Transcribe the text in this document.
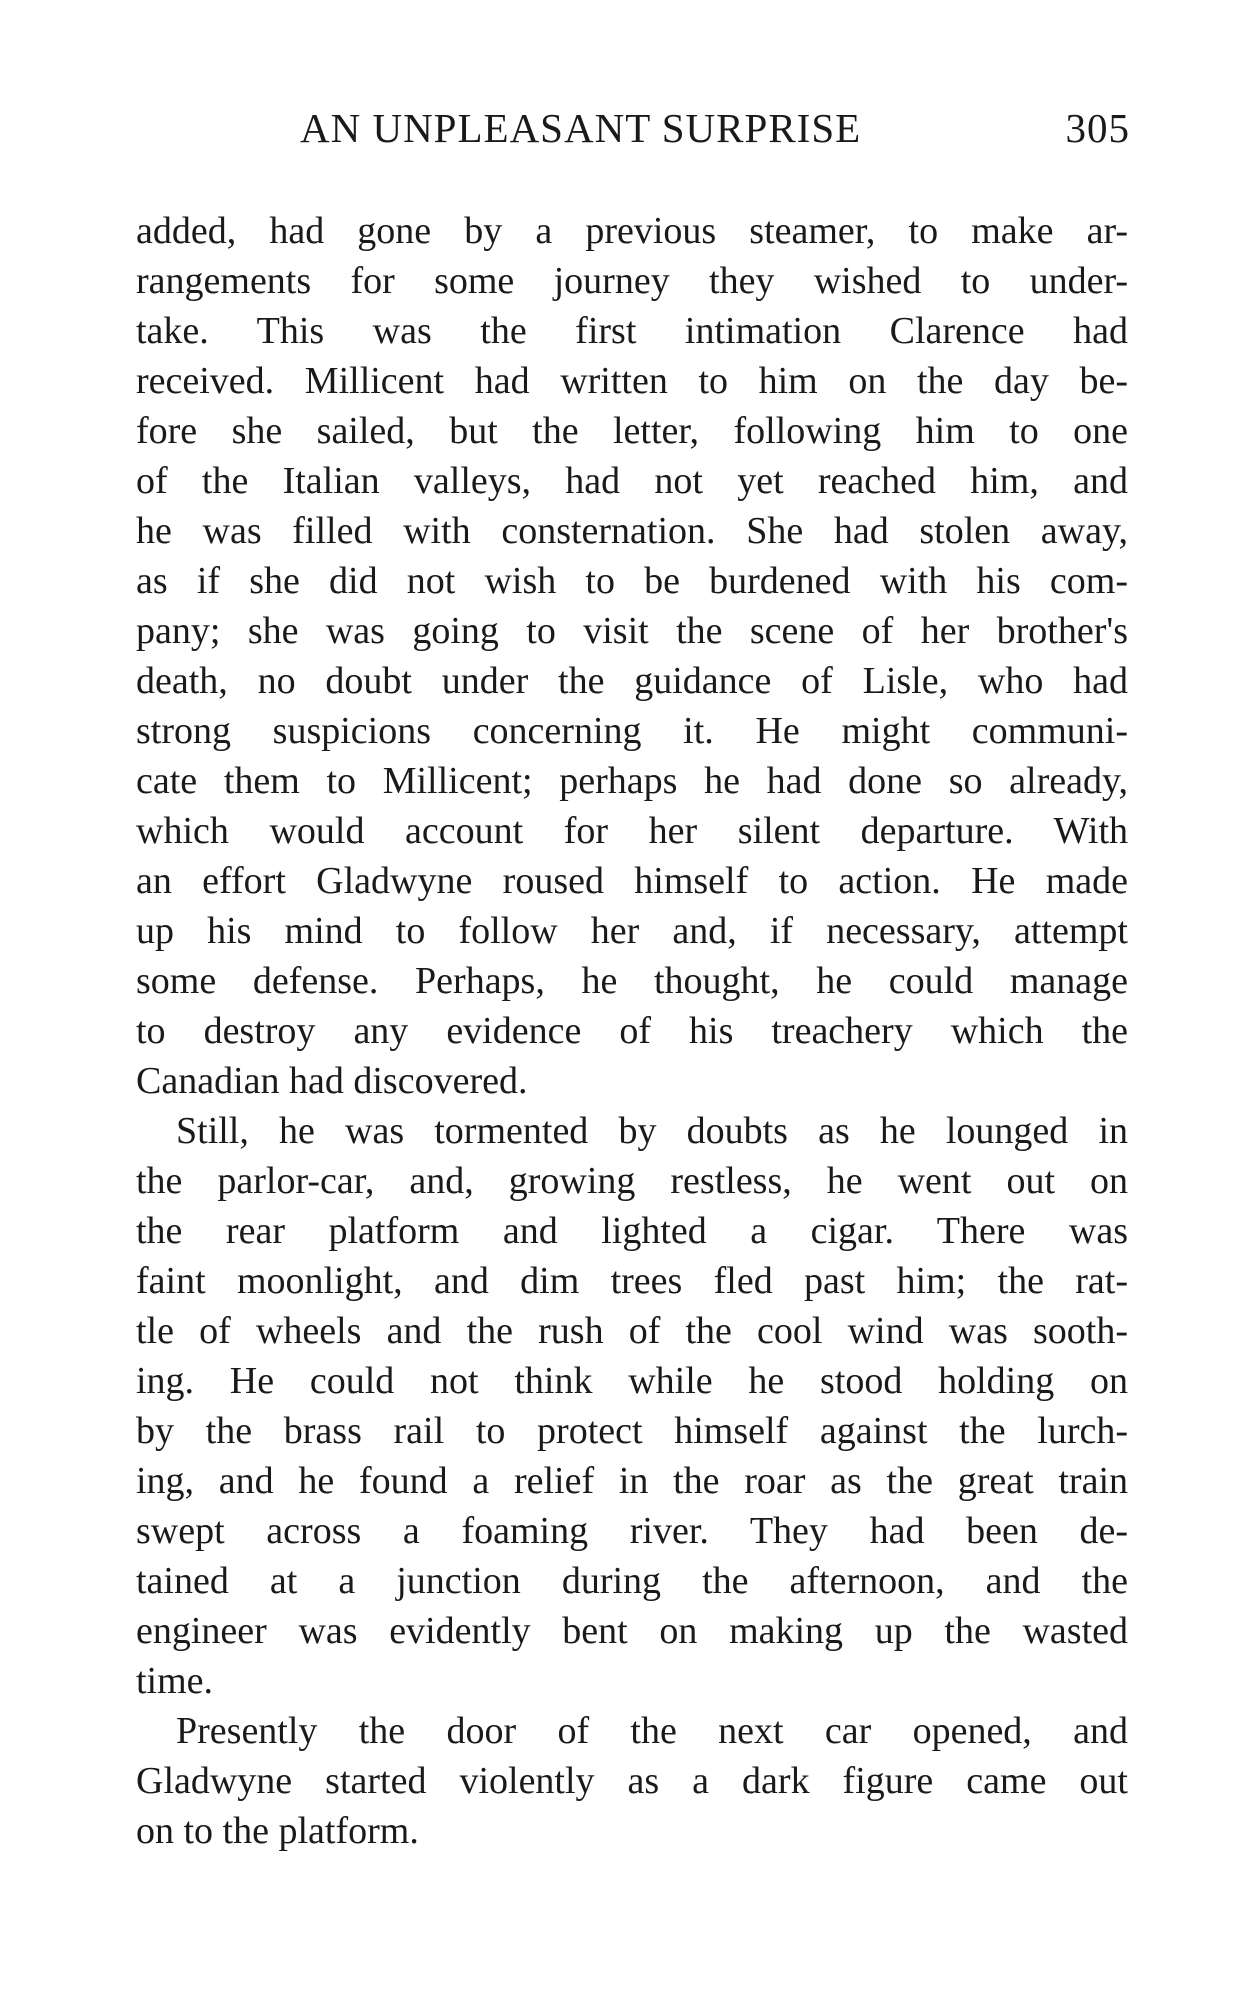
AN UNPLEASANT SURPRISE	305
added, had gone by a previous steamer, to make ar-
rangements for some journey they wished to under-
take. This was the first intimation Clarence had
received. Millicent had written to him on the day be-
fore she sailed, but the letter, following him to one
of the Italian valleys, had not yet reached him, and
he was filled with consternation. She had stolen away,
as if she did not wish to be burdened with his com-
pany; she was going to visit the scene of her brother's
death, no doubt under the guidance of Lisle, who had
strong suspicions concerning it. He might communi-
cate them to Millicent; perhaps he had done so already,
which would account for her silent departure. With
an effort Gladwyne roused himself to action. He made
up his mind to follow her and, if necessary, attempt
some defense. Perhaps, he thought, he could manage
to destroy any evidence of his treachery which the
Canadian had discovered.
Still, he was tormented by doubts as he lounged in
the parlor-car, and, growing restless, he went out on
the rear platform and lighted a cigar. There was
faint moonlight, and dim trees fled past him; the rat-
tle of wheels and the rush of the cool wind was sooth-
ing. He could not think while he stood holding on
by the brass rail to protect himself against the lurch-
ing, and he found a relief in the roar as the great train
swept across a foaming river. They had been de-
tained at a junction during the afternoon, and the
engineer was evidently bent on making up the wasted
time.
Presently the door of the next car opened, and
Gladwyne started violently as a dark figure came out
on to the platform.
